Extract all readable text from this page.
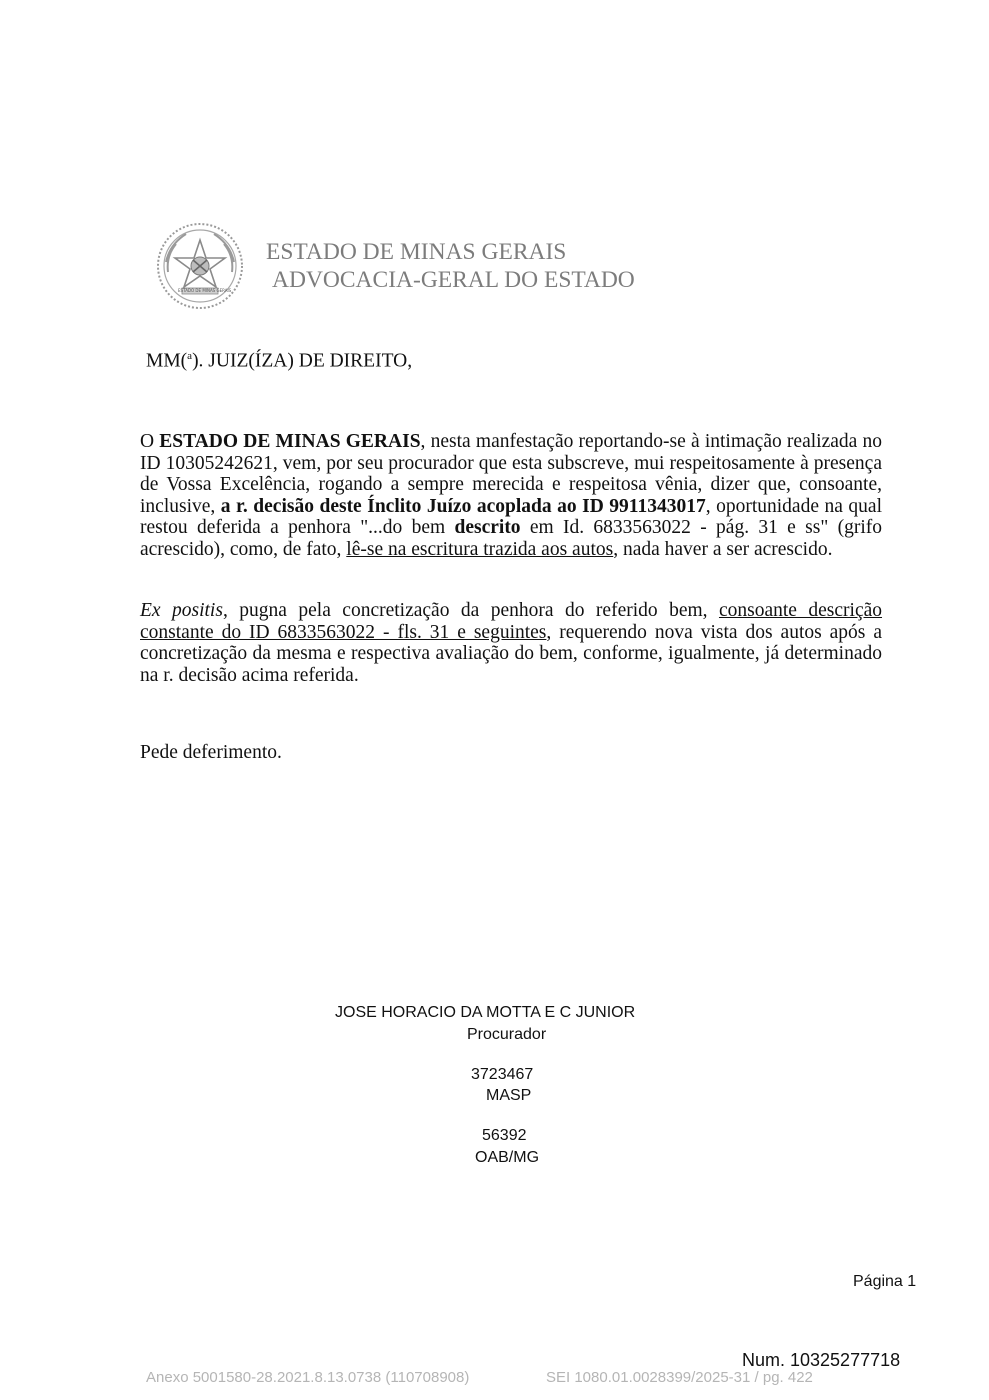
ESTADO DE MINAS GERAIS
ESTADO DE MINAS GERAIS
ADVOCACIA-GERAL DO ESTADO
MM($^a$). JUIZ(ÍZA) DE DIREITO,
O ESTADO DE MINAS GERAIS, nesta manfestação reportando-se à intimação realizada no ID 10305242621, vem, por seu procurador que esta subscreve, mui respeitosamente à presença de Vossa Excelência, rogando a sempre merecida e respeitosa vênia, dizer que, consoante, inclusive, a r. decisão deste Ínclito Juízo acoplada ao ID 9911343017, oportunidade na qual restou deferida a penhora "...do bem descrito em Id. 6833563022 - pág. 31 e ss" (grifo acrescido), como, de fato, lê-se na escritura trazida aos autos, nada haver a ser acrescido.
Ex positis, pugna pela concretização da penhora do referido bem, consoante descrição constante do ID 6833563022 - fls. 31 e seguintes, requerendo nova vista dos autos após a concretização da mesma e respectiva avaliação do bem, conforme, igualmente, já determinado na r. decisão acima referida.
Pede deferimento.
JOSE HORACIO DA MOTTA E C JUNIOR
Procurador
3723467
MASP
56392
OAB/MG
Página 1
Num. 10325277718
Anexo 5001580-28.2021.8.13.0738 (110708908)	SEI 1080.01.0028399/2025-31 / pg. 422
